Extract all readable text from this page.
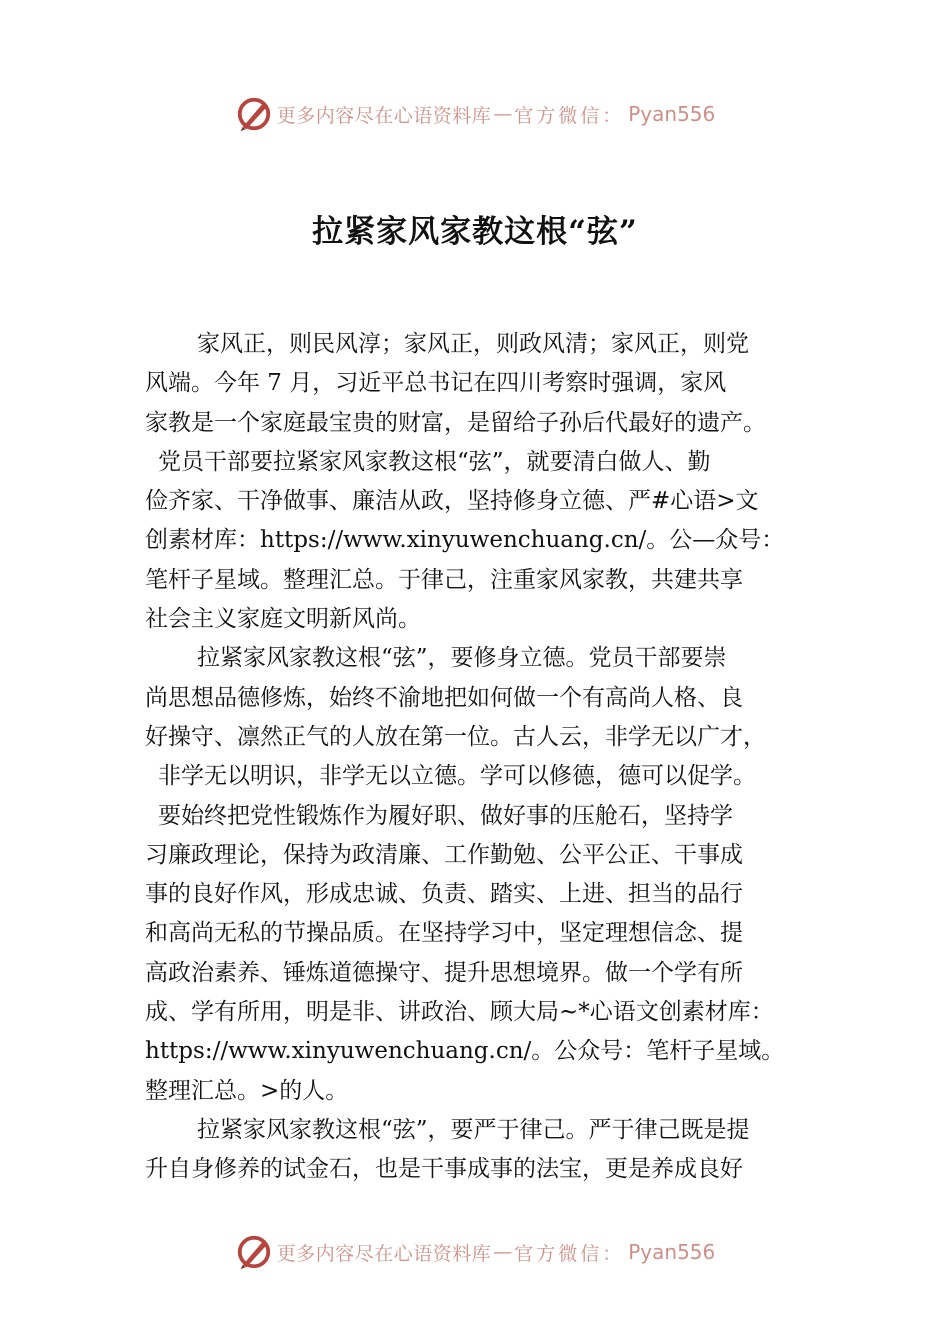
更多内容尽在心语资料库 — 官方微信： Pyan556
拉紧家风家教这根“弦”
家风正，则民风淳；家风正，则政风清；家风正，则党
风端。今年 7 月，习近平总书记在四川考察时强调，家风
家教是一个家庭最宝贵的财富，是留给子孙后代最好的遗产。
党员干部要拉紧家风家教这根“弦”，就要清白做人、勤
俭齐家、干净做事、廉洁从政，坚持修身立德、严#心语>文
创素材库：https://www.xinyuwenchuang.cn/。公—众号：
笔杆子星域。整理汇总。于律己，注重家风家教，共建共享
社会主义家庭文明新风尚。
拉紧家风家教这根“弦”，要修身立德。党员干部要崇
尚思想品德修炼，始终不渝地把如何做一个有高尚人格、良
好操守、凛然正气的人放在第一位。古人云，非学无以广才，
非学无以明识，非学无以立德。学可以修德，德可以促学。
要始终把党性锻炼作为履好职、做好事的压舱石，坚持学
习廉政理论，保持为政清廉、工作勤勉、公平公正、干事成
事的良好作风，形成忠诚、负责、踏实、上进、担当的品行
和高尚无私的节操品质。在坚持学习中，坚定理想信念、提
高政治素养、锤炼道德操守、提升思想境界。做一个学有所
成、学有所用，明是非、讲政治、顾大局~*心语文创素材库：
https://www.xinyuwenchuang.cn/。公众号：笔杆子星域。
整理汇总。>的人。
拉紧家风家教这根“弦”，要严于律己。严于律己既是提
升自身修养的试金石，也是干事成事的法宝，更是养成良好
更多内容尽在心语资料库 — 官方微信： Pyan556
